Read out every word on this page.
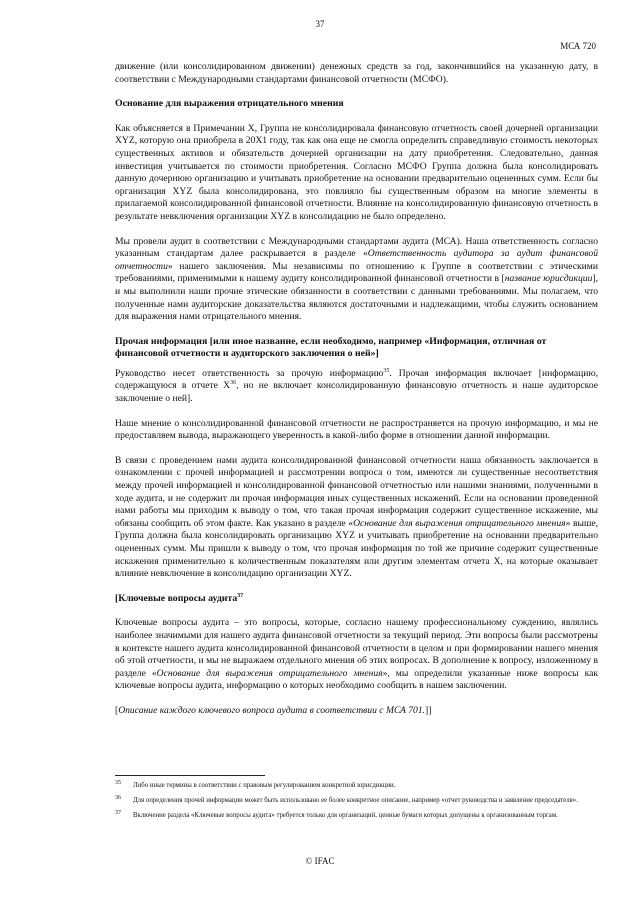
37
МСА 720

движение (или консолидированном движении) денежных средств за год, закончившийся на указанную дату, в соответствии с Международными стандартами финансовой отчетности (МСФО).

Основание для выражения отрицательного мнения

Как объясняется в Примечании X, Группа не консолидировала финансовую отчетность своей дочерней организации XYZ, которую она приобрела в 20X1 году, так как она еще не смогла определить справедливую стоимость некоторых существенных активов и обязательств дочерней организации на дату приобретения. Следовательно, данная инвестиция учитывается по стоимости приобретения. Согласно МСФО Группа должна была консолидировать данную дочернюю организацию и учитывать приобретение на основании предварительно оцененных сумм. Если бы организация XYZ была консолидирована, это повлияло бы существенным образом на многие элементы в прилагаемой консолидированной финансовой отчетности. Влияние на консолидированную финансовую отчетность в результате невключения организации XYZ в консолидацию не было определено.

Мы провели аудит в соответствии с Международными стандартами аудита (МСА). Наша ответственность согласно указанным стандартам далее раскрывается в разделе «Ответственность аудитора за аудит финансовой отчетности» нашего заключения. Мы независимы по отношению к Группе в соответствии с этическими требованиями, применимыми к нашему аудиту консолидированной финансовой отчетности в [название юрисдикции], и мы выполнили наши прочие этические обязанности в соответствии с данными требованиями. Мы полагаем, что полученные нами аудиторские доказательства являются достаточными и надлежащими, чтобы служить основанием для выражения нами отрицательного мнения.

Прочая информация [или иное название, если необходимо, например «Информация, отличная от финансовой отчетности и аудиторского заключения о ней»]

Руководство несет ответственность за прочую информацию$^{35}$. Прочая информация включает [информацию, содержащуюся в отчете $X^{36}$, но не включает консолидированную финансовую отчетность и наше аудиторское заключение о ней].

Наше мнение о консолидированной финансовой отчетности не распространяется на прочую информацию, и мы не предоставляем вывода, выражающего уверенность в какой-либо форме в отношении данной информации.

В связи с проведением нами аудита консолидированной финансовой отчетности наша обязанность заключается в ознакомлении с прочей информацией и рассмотрении вопроса о том, имеются ли существенные несоответствия между прочей информацией и консолидированной финансовой отчетностью или нашими знаниями, полученными в ходе аудита, и не содержит ли прочая информация иных существенных искажений. Если на основании проведенной нами работы мы приходим к выводу о том, что такая прочая информация содержит существенное искажение, мы обязаны сообщить об этом факте. Как указано в разделе «Основание для выражения отрицательного мнения» выше, Группа должна была консолидировать организацию XYZ и учитывать приобретение на основании предварительно оцененных сумм. Мы пришли к выводу о том, что прочая информация по той же причине содержит существенные искажения применительно к количественным показателям или другим элементам отчета X, на которые оказывает влияние невключение в консолидацию организации XYZ.

[Ключевые вопросы аудита$^{37}$

Ключевые вопросы аудита – это вопросы, которые, согласно нашему профессиональному суждению, являлись наиболее значимыми для нашего аудита финансовой отчетности за текущий период. Эти вопросы были рассмотрены в контексте нашего аудита консолидированной финансовой отчетности в целом и при формировании нашего мнения об этой отчетности, и мы не выражаем отдельного мнения об этих вопросах. В дополнение к вопросу, изложенному в разделе «Основание для выражения отрицательного мнения», мы определили указанные ниже вопросы как ключевые вопросы аудита, информацию о которых необходимо сообщить в нашем заключении.

[Описание каждого ключевого вопроса аудита в соответствии с МСА 701.]]

35 Либо иные термины в соответствии с правовым регулированием конкретной юрисдикции.
36 Для определения прочей информации может быть использовано ее более конкретное описание, например «отчет руководства и заявление председателя».
37 Включение раздела «Ключевые вопросы аудита» требуется только для организаций, ценные бумаги которых допущены к организованным торгам.
© IFAC
